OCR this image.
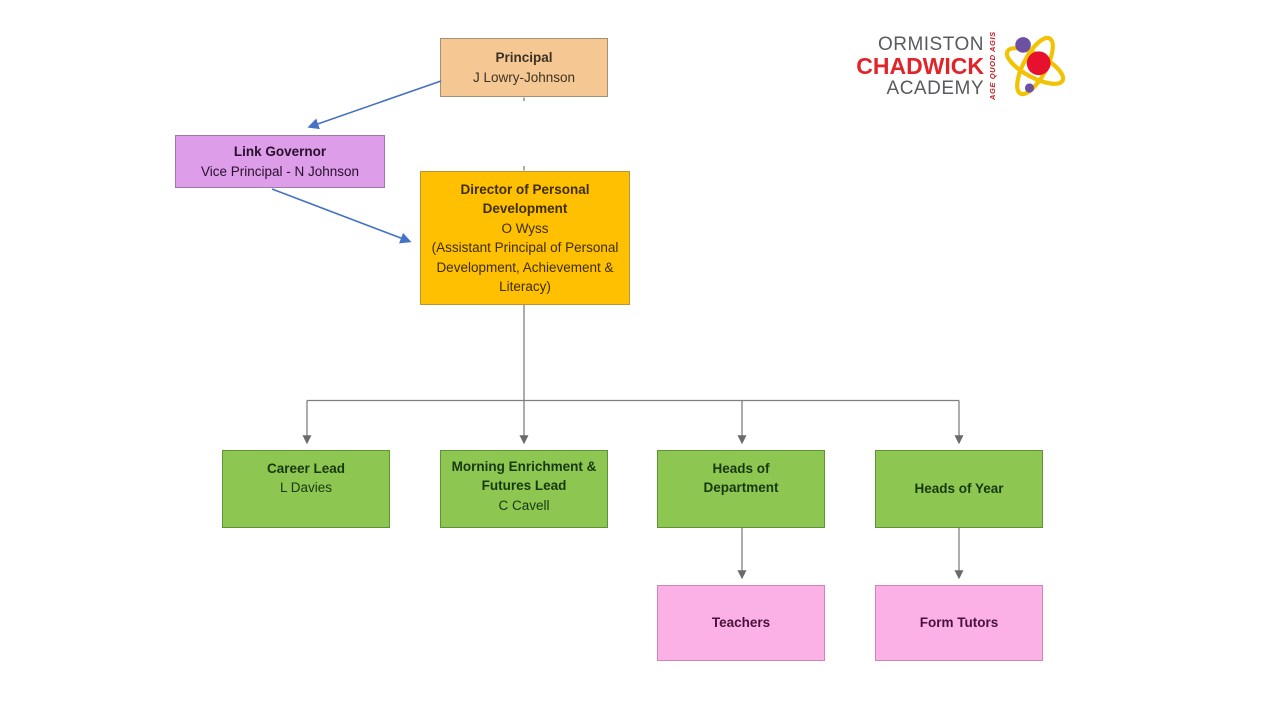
Principal
J Lowry-Johnson
Link Governor
Vice Principal - N Johnson
Director of Personal Development
O Wyss
(Assistant Principal of Personal Development, Achievement & Literacy)
Career Lead
L Davies
Morning Enrichment & Futures Lead
C Cavell
Heads of Department	Heads of Year
Teachers	Form Tutors
ORMISTON
CHADWICK
ACADEMY AGE QUOD AGIS
